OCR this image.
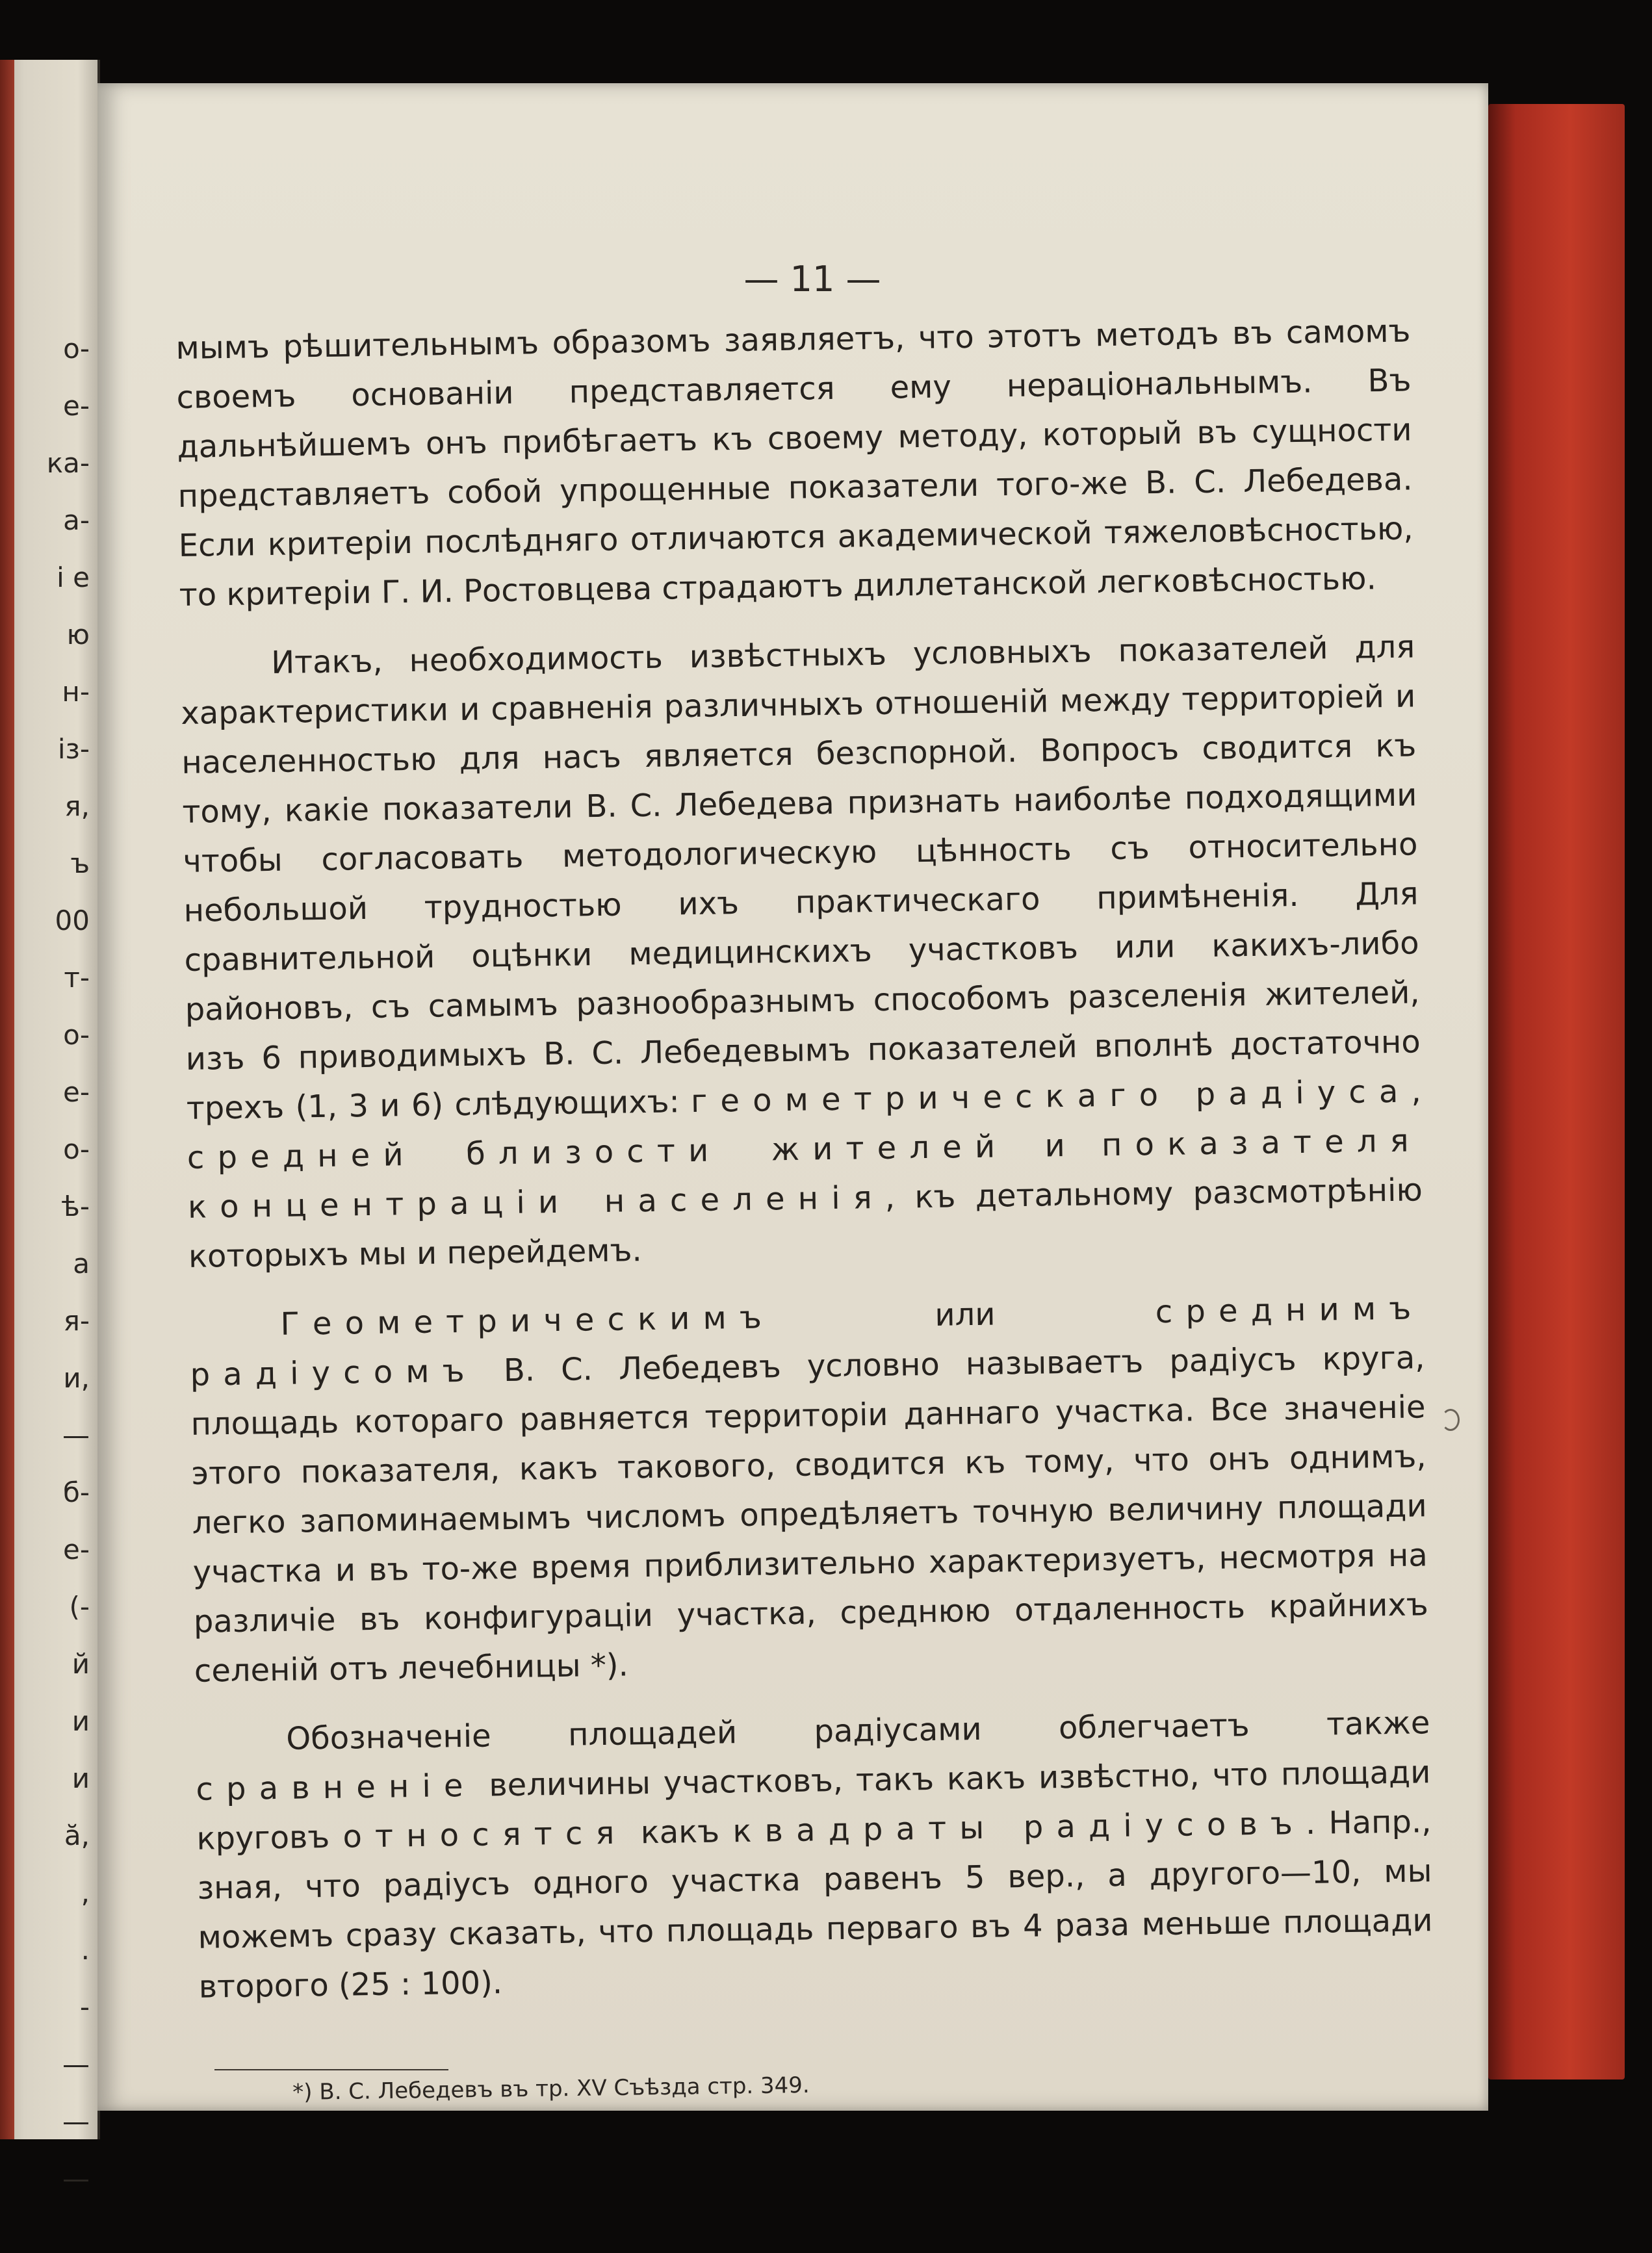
о-
е-
ка-
а-
і е
ю
н-
із-
я,
ъ
00
т-
о-
е-
о-
ѣ-
а
я-
и,
—
б-
е-
(-
й
и
и
ӑ,
,
.
-
—
—
—
— 11 —

мымъ рѣшительнымъ образомъ заявляетъ, что этотъ методъ въ самомъ своемъ основаніи представляется ему нераціональнымъ. Въ дальнѣйшемъ онъ прибѣгаетъ къ своему методу, который въ сущности представляетъ собой упрощенные показатели того-же В. С. Лебедева. Если критеріи послѣдняго отличаются академической тяжеловѣсностью, то критеріи Г. И. Ростовцева страдаютъ диллетанской легковѣсностью.

Итакъ, необходимость извѣстныхъ условныхъ показателей для характеристики и сравненія различныхъ отношеній между территоріей и населенностью для насъ является безспорной. Вопросъ сводится къ тому, какіе показатели В. С. Лебедева признать наиболѣе подходящими чтобы согласовать методологическую цѣнность съ относительно небольшой трудностью ихъ практическаго примѣненія. Для сравнительной оцѣнки медицинскихъ участковъ или какихъ-либо районовъ, съ самымъ разнообразнымъ способомъ разселенія жителей, изъ 6 приводимыхъ В. С. Лебедевымъ показателей вполнѣ достаточно трехъ (1, 3 и 6) слѣдующихъ: геометрическаго радіуса, средней близости жителей и показателя концентраціи населенія, къ детальному разсмотрѣнію которыхъ мы и перейдемъ.

Геометрическимъ или среднимъ радіусомъ В. С. Лебедевъ условно называетъ радіусъ круга, площадь котораго равняется территоріи даннаго участка. Все значеніе этого показателя, какъ такового, сводится къ тому, что онъ однимъ, легко запоминаемымъ числомъ опредѣляетъ точную величину площади участка и въ то-же время приблизительно характеризуетъ, несмотря на различіе въ конфигураціи участка, среднюю отдаленность крайнихъ селеній отъ лечебницы *).

Обозначеніе площадей радіусами облегчаетъ также сравненіе величины участковъ, такъ какъ извѣстно, что площади круговъ относятся какъ квадраты радіусовъ. Напр., зная, что радіусъ одного участка равенъ 5 вер., а другого—10, мы можемъ сразу сказать, что площадь перваго въ 4 раза меньше площади второго (25 : 100).

*) В. С. Лебедевъ въ тр. XV Съѣзда стр. 349.
